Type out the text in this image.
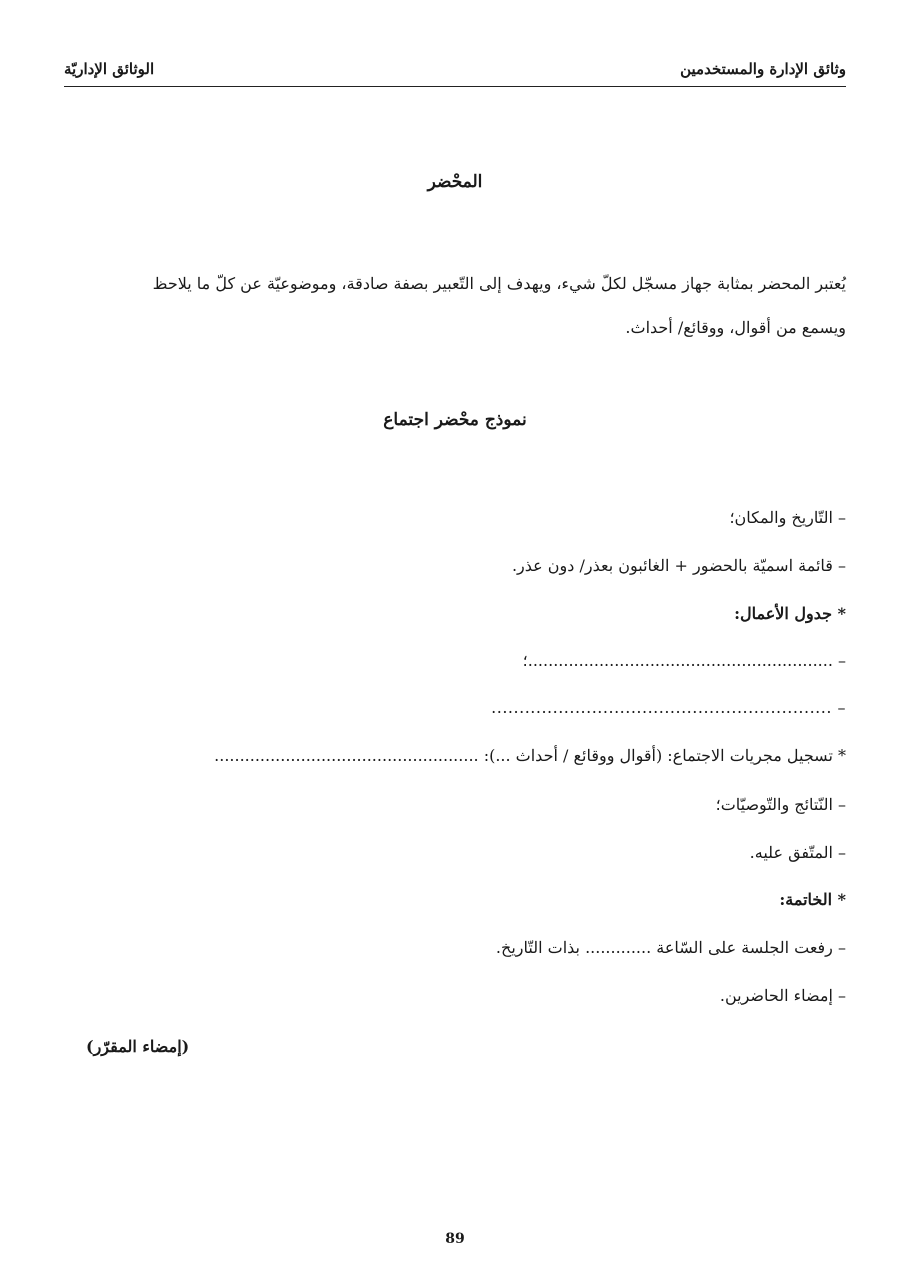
وثائق الإدارة والمستخدمين
الوثائق الإداريّة
المحْضر
يُعتبر المحضر بمثابة جهاز مسجّل لكلّ شيء، ويهدف إلى التّعبير بصفة صادقة، وموضوعيّة عن كلّ ما يلاحظ
ويسمع من أقوال، ووقائع/ أحداث.
نموذج محْضر اجتماع
– التّاريخ والمكان؛
– قائمة اسميّة بالحضور + الغائبون بعذر/ دون عذر.
* جدول الأعمال:
– ............................................................؛
– .............................................................
* تسجيل مجريات الاجتماع: (أقوال ووقائع / أحداث ...): ....................................................
– النّتائج والتّوصيّات؛
– المتّفق عليه.
* الخاتمة:
– رفعت الجلسة على السّاعة ............. بذات التّاريخ.
– إمضاء الحاضرين.
(إمضاء المقرّر)
89
